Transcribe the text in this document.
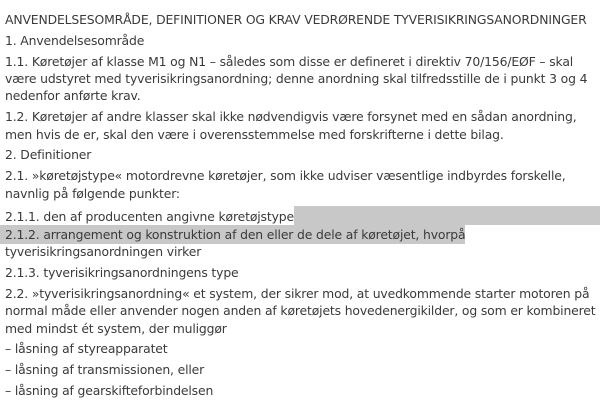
ANVENDELSESOMRÅDE, DEFINITIONER OG KRAV VEDRØRENDE TYVERISIKRINGSANORDNINGER
1. Anvendelsesområde
1.1. Køretøjer af klasse M1 og N1 – således som disse er defineret i direktiv 70/156/EØF – skal
være udstyret med tyverisikringsanordning; denne anordning skal tilfredsstille de i punkt 3 og 4
nedenfor anførte krav.
1.2. Køretøjer af andre klasser skal ikke nødvendigvis være forsynet med en sådan anordning,
men hvis de er, skal den være i overensstemmelse med forskrifterne i dette bilag.
2. Definitioner
2.1. »køretøjstype« motordrevne køretøjer, som ikke udviser væsentlige indbyrdes forskelle,
navnlig på følgende punkter:
2.1.1. den af producenten angivne køretøjstype
2.1.2. arrangement og konstruktion af den eller de dele af køretøjet, hvorpå
tyverisikringsanordningen virker
2.1.3. tyverisikringsanordningens type
2.2. »tyverisikringsanordning« et system, der sikrer mod, at uvedkommende starter motoren på
normal måde eller anvender nogen anden af køretøjets hovedenergikilder, og som er kombineret
med mindst ét system, der muliggør
– låsning af styreapparatet
– låsning af transmissionen, eller
– låsning af gearskifteforbindelsen
